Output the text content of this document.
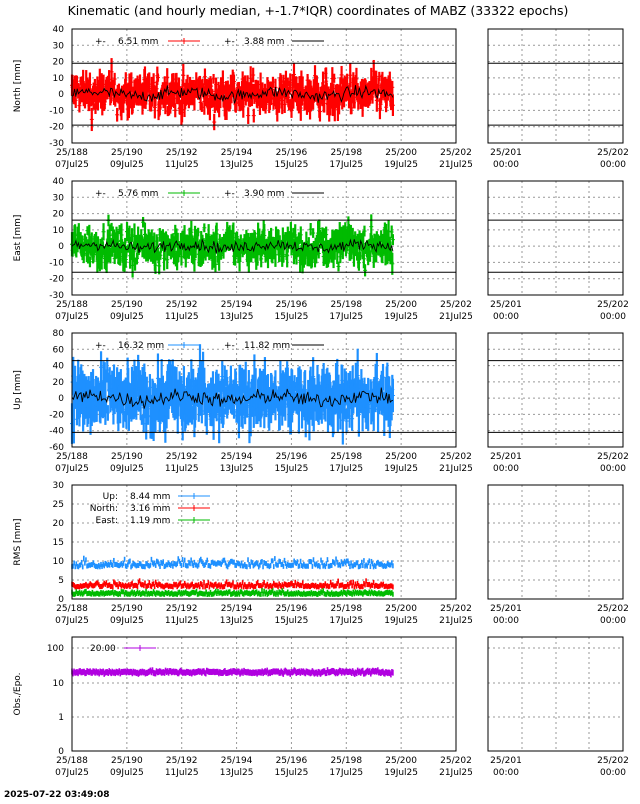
Kinematic (and hourly median, +-1.7*IQR) coordinates of MABZ (33322 epochs)
40
30
20
10
0
-10
-20
-30
North [mm]
+- 6.51 mm	+- 3.88 mm
25/188
07Jul25
25/190
09Jul25
25/192
11Jul25
25/194
13Jul25
25/196
15Jul25
25/198
17Jul25
25/200
19Jul25
25/202
21Jul25
25/201
00:00
25/202
00:00
40
30
20
10
0
-10
-20
-30
East [mm]
+- 5.76 mm	+- 3.90 mm
25/188
07Jul25
25/190
09Jul25
25/192
11Jul25
25/194
13Jul25
25/196
15Jul25
25/198
17Jul25
25/200
19Jul25
25/202
21Jul25
25/201
00:00
25/202
00:00
80
60
40
20
0
-20
-40
-60
Up [mm]
+- 16.32 mm	+- 11.82 mm
25/188
07Jul25
25/190
09Jul25
25/192
11Jul25
25/194
13Jul25
25/196
15Jul25
25/198
17Jul25
25/200
19Jul25
25/202
21Jul25
25/201
00:00
25/202
00:00
30
25
20
15
10
5
0
RMS [mm]
Up: 8.44 mm
North: 3.16 mm
East: 1.19 mm
25/188
07Jul25
25/190
09Jul25
25/192
11Jul25
25/194
13Jul25
25/196
15Jul25
25/198
17Jul25
25/200
19Jul25
25/202
21Jul25
25/201
00:00
25/202
00:00
100
10
1
0
Obs./Epo.
20.00
25/188
07Jul25
25/190
09Jul25
25/192
11Jul25
25/194
13Jul25
25/196
15Jul25
25/198
17Jul25
25/200
19Jul25
25/202
21Jul25
25/201
00:00
25/202
00:00
2025-07-22 03:49:08
